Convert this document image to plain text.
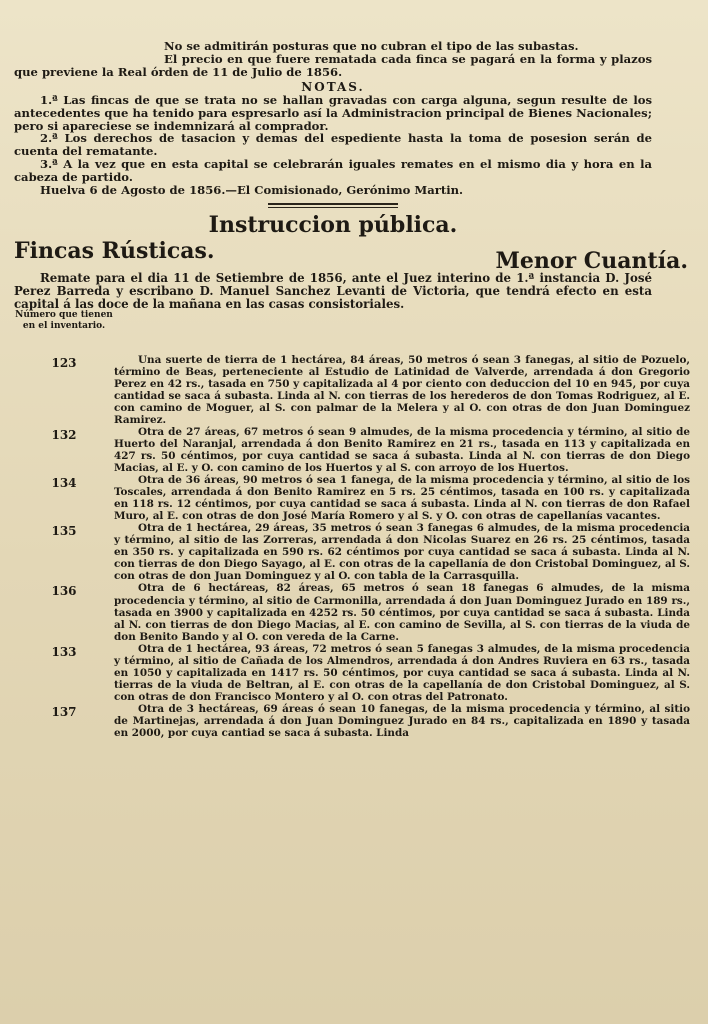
No se admitirán posturas que no cubran el tipo de las subastas.

El precio en que fuere rematada cada finca se pagará en la forma y plazos que previene la Real órden de 11 de Julio de 1856.

NOTAS.

1.ª Las fincas de que se trata no se hallan gravadas con carga alguna, segun resulte de los antecedentes que ha tenido para espresarlo así la Administracion principal de Bienes Nacionales; pero si apareciese se indemnizará al comprador.

2.ª Los derechos de tasacion y demas del espediente hasta la toma de posesion serán de cuenta del rematante.

3.ª A la vez que en esta capital se celebrarán iguales remates en el mismo dia y hora en la cabeza de partido.

Huelva 6 de Agosto de 1856.—El Comisionado, Gerónimo Martin.

Instruccion pública.
Fincas Rústicas.	Menor Cuantía.

Remate para el dia 11 de Setiembre de 1856, ante el Juez interino de 1.ª instancia D. José Perez Barreda y escribano D. Manuel Sanchez Levanti de Victoria, que tendrá efecto en esta capital á las doce de la mañana en las casas consistoriales.

Número que tienen en el inventario.
123	Una suerte de tierra de 1 hectárea, 84 áreas, 50 metros ó sean 3 fanegas, al sitio de Pozuelo, término de Beas, perteneciente al Estudio de Latinidad de Valverde, arrendada á don Gregorio Perez en 42 rs., tasada en 750 y capitalizada al 4 por ciento con deduccion del 10 en 945, por cuya cantidad se saca á subasta. Linda al N. con tierras de los herederos de don Tomas Rodriguez, al E. con camino de Moguer, al S. con palmar de la Melera y al O. con otras de don Juan Dominguez Ramirez.

132	Otra de 27 áreas, 67 metros ó sean 9 almudes, de la misma procedencia y término, al sitio de Huerto del Naranjal, arrendada á don Benito Ramirez en 21 rs., tasada en 113 y capitalizada en 427 rs. 50 céntimos, por cuya cantidad se saca á subasta. Linda al N. con tierras de don Diego Macias, al E. y O. con camino de los Huertos y al S. con arroyo de los Huertos.

134	Otra de 36 áreas, 90 metros ó sea 1 fanega, de la misma procedencia y término, al sitio de los Toscales, arrendada á don Benito Ramirez en 5 rs. 25 céntimos, tasada en 100 rs. y capitalizada en 118 rs. 12 céntimos, por cuya cantidad se saca á subasta. Linda al N. con tierras de don Rafael Muro, al E. con otras de don José María Romero y al S. y O. con otras de capellanías vacantes.

135	Otra de 1 hectárea, 29 áreas, 35 metros ó sean 3 fanegas 6 almudes, de la misma procedencia y término, al sitio de las Zorreras, arrendada á don Nicolas Suarez en 26 rs. 25 céntimos, tasada en 350 rs. y capitalizada en 590 rs. 62 céntimos por cuya cantidad se saca á subasta. Linda al N. con tierras de don Diego Sayago, al E. con otras de la capellanía de don Cristobal Dominguez, al S. con otras de don Juan Dominguez y al O. con tabla de la Carrasquilla.

136	Otra de 6 hectáreas, 82 áreas, 65 metros ó sean 18 fanegas 6 almudes, de la misma procedencia y término, al sitio de Carmonilla, arrendada á don Juan Dominguez Jurado en 189 rs., tasada en 3900 y capitalizada en 4252 rs. 50 céntimos, por cuya cantidad se saca á subasta. Linda al N. con tierras de don Diego Macias, al E. con camino de Sevilla, al S. con tierras de la viuda de don Benito Bando y al O. con vereda de la Carne.

133	Otra de 1 hectárea, 93 áreas, 72 metros ó sean 5 fanegas 3 almudes, de la misma procedencia y término, al sitio de Cañada de los Almendros, arrendada á don Andres Ruviera en 63 rs., tasada en 1050 y capitalizada en 1417 rs. 50 céntimos, por cuya cantidad se saca á subasta. Linda al N. tierras de la viuda de Beltran, al E. con otras de la capellanía de don Cristobal Dominguez, al S. con otras de don Francisco Montero y al O. con otras del Patronato.

137	Otra de 3 hectáreas, 69 áreas ó sean 10 fanegas, de la misma procedencia y término, al sitio de Martinejas, arrendada á don Juan Dominguez Jurado en 84 rs., capitalizada en 1890 y tasada en 2000, por cuya cantiad se saca á subasta. Linda
